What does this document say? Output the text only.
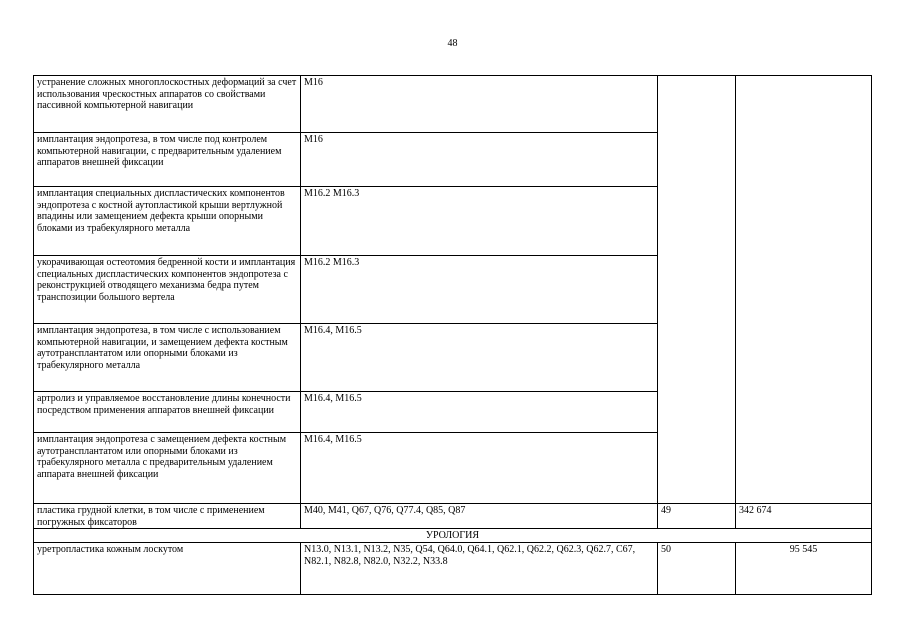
48
устранение сложных многоплоскостных деформаций за счет использования чрескостных аппаратов со свойствами пассивной компьютерной навигации	M16		
имплантация эндопротеза, в том числе под контролем компьютерной навигации, с предварительным удалением аппаратов внешней фиксации	M16		
имплантация специальных диспластических компонентов эндопротеза с костной аутопластикой крыши вертлужной впадины или замещением дефекта крыши опорными блоками из трабекулярного металла	M16.2 M16.3		
укорачивающая остеотомия бедренной кости и имплантация специальных диспластических компонентов эндопротеза с реконструкцией отводящего механизма бедра путем транспозиции большого вертела	M16.2 M16.3		
имплантация эндопротеза, в том числе с использованием компьютерной навигации, и замещением дефекта костным аутотрансплантатом или опорными блоками из трабекулярного металла	M16.4, M16.5		
артролиз и управляемое восстановление длины конечности посредством применения аппаратов внешней фиксации	M16.4, M16.5		
имплантация эндопротеза с замещением дефекта костным аутотрансплантатом или опорными блоками из трабекулярного металла с предварительным удалением аппарата внешней фиксации	M16.4, M16.5		
пластика грудной клетки, в том числе с применением погружных фиксаторов	M40, M41, Q67, Q76, Q77.4, Q85, Q87	49	342 674
УРОЛОГИЯ			
уретропластика кожным лоскутом	N13.0, N13.1, N13.2, N35, Q54, Q64.0, Q64.1, Q62.1, Q62.2, Q62.3, Q62.7, C67, N82.1, N82.8, N82.0, N32.2, N33.8	50	95 545
